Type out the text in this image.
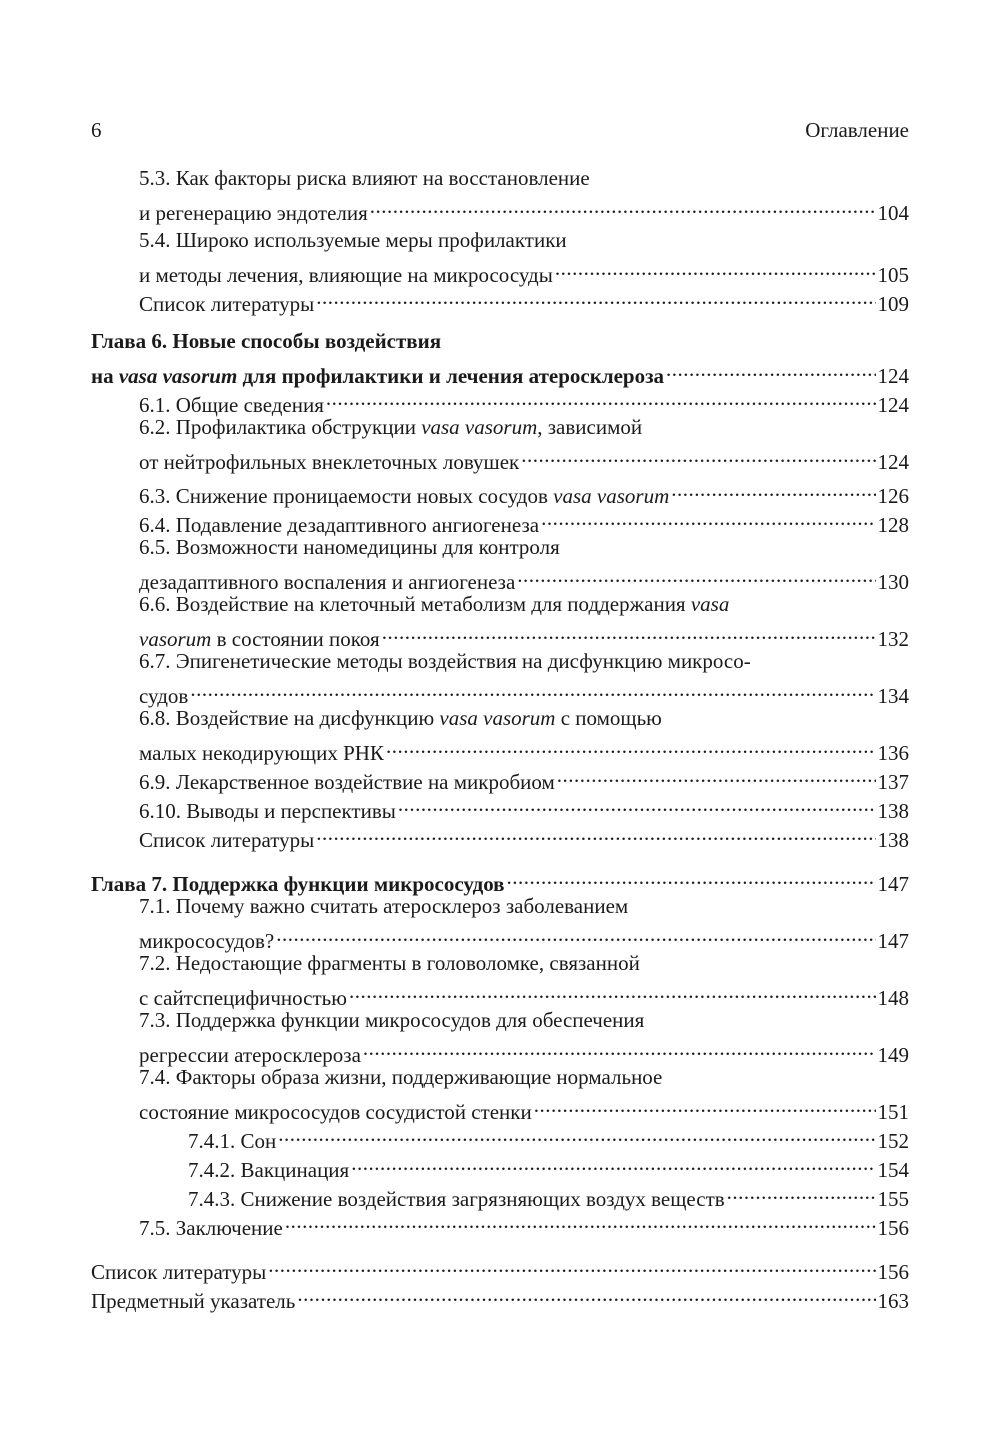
6	Оглавление
5.3. Как факторы риска влияют на восстановление
и регенерацию эндотелия .....	104
5.4. Широко используемые меры профилактики
и методы лечения, влияющие на микрососуды .....	105
Список литературы .....	109
Глава 6. Новые способы воздействия
на vasa vasorum для профилактики и лечения атеросклероза .....	124
6.1. Общие сведения .....	124
6.2. Профилактика обструкции vasa vasorum, зависимой
от нейтрофильных внеклеточных ловушек .....	124
6.3. Снижение проницаемости новых сосудов vasa vasorum .....	126
6.4. Подавление дезадаптивного ангиогенеза .....	128
6.5. Возможности наномедицины для контроля
дезадаптивного воспаления и ангиогенеза .....	130
6.6. Воздействие на клеточный метаболизм для поддержания vasa
vasorum в состоянии покоя .....	132
6.7. Эпигенетические методы воздействия на дисфункцию микросо-
судов .....	134
6.8. Воздействие на дисфункцию vasa vasorum с помощью
малых некодирующих РНК .....	136
6.9. Лекарственное воздействие на микробиом .....	137
6.10. Выводы и перспективы .....	138
Список литературы .....	138
Глава 7. Поддержка функции микрососудов .....	147
7.1. Почему важно считать атеросклероз заболеванием
микрососудов? .....	147
7.2. Недостающие фрагменты в головоломке, связанной
с сайтспецифичностью .....	148
7.3. Поддержка функции микрососудов для обеспечения
регрессии атеросклероза .....	149
7.4. Факторы образа жизни, поддерживающие нормальное
состояние микрососудов сосудистой стенки .....	151
7.4.1. Сон .....	152
7.4.2. Вакцинация .....	154
7.4.3. Снижение воздействия загрязняющих воздух веществ .....	155
7.5. Заключение .....	156
Список литературы .....	156
Предметный указатель .....	163
